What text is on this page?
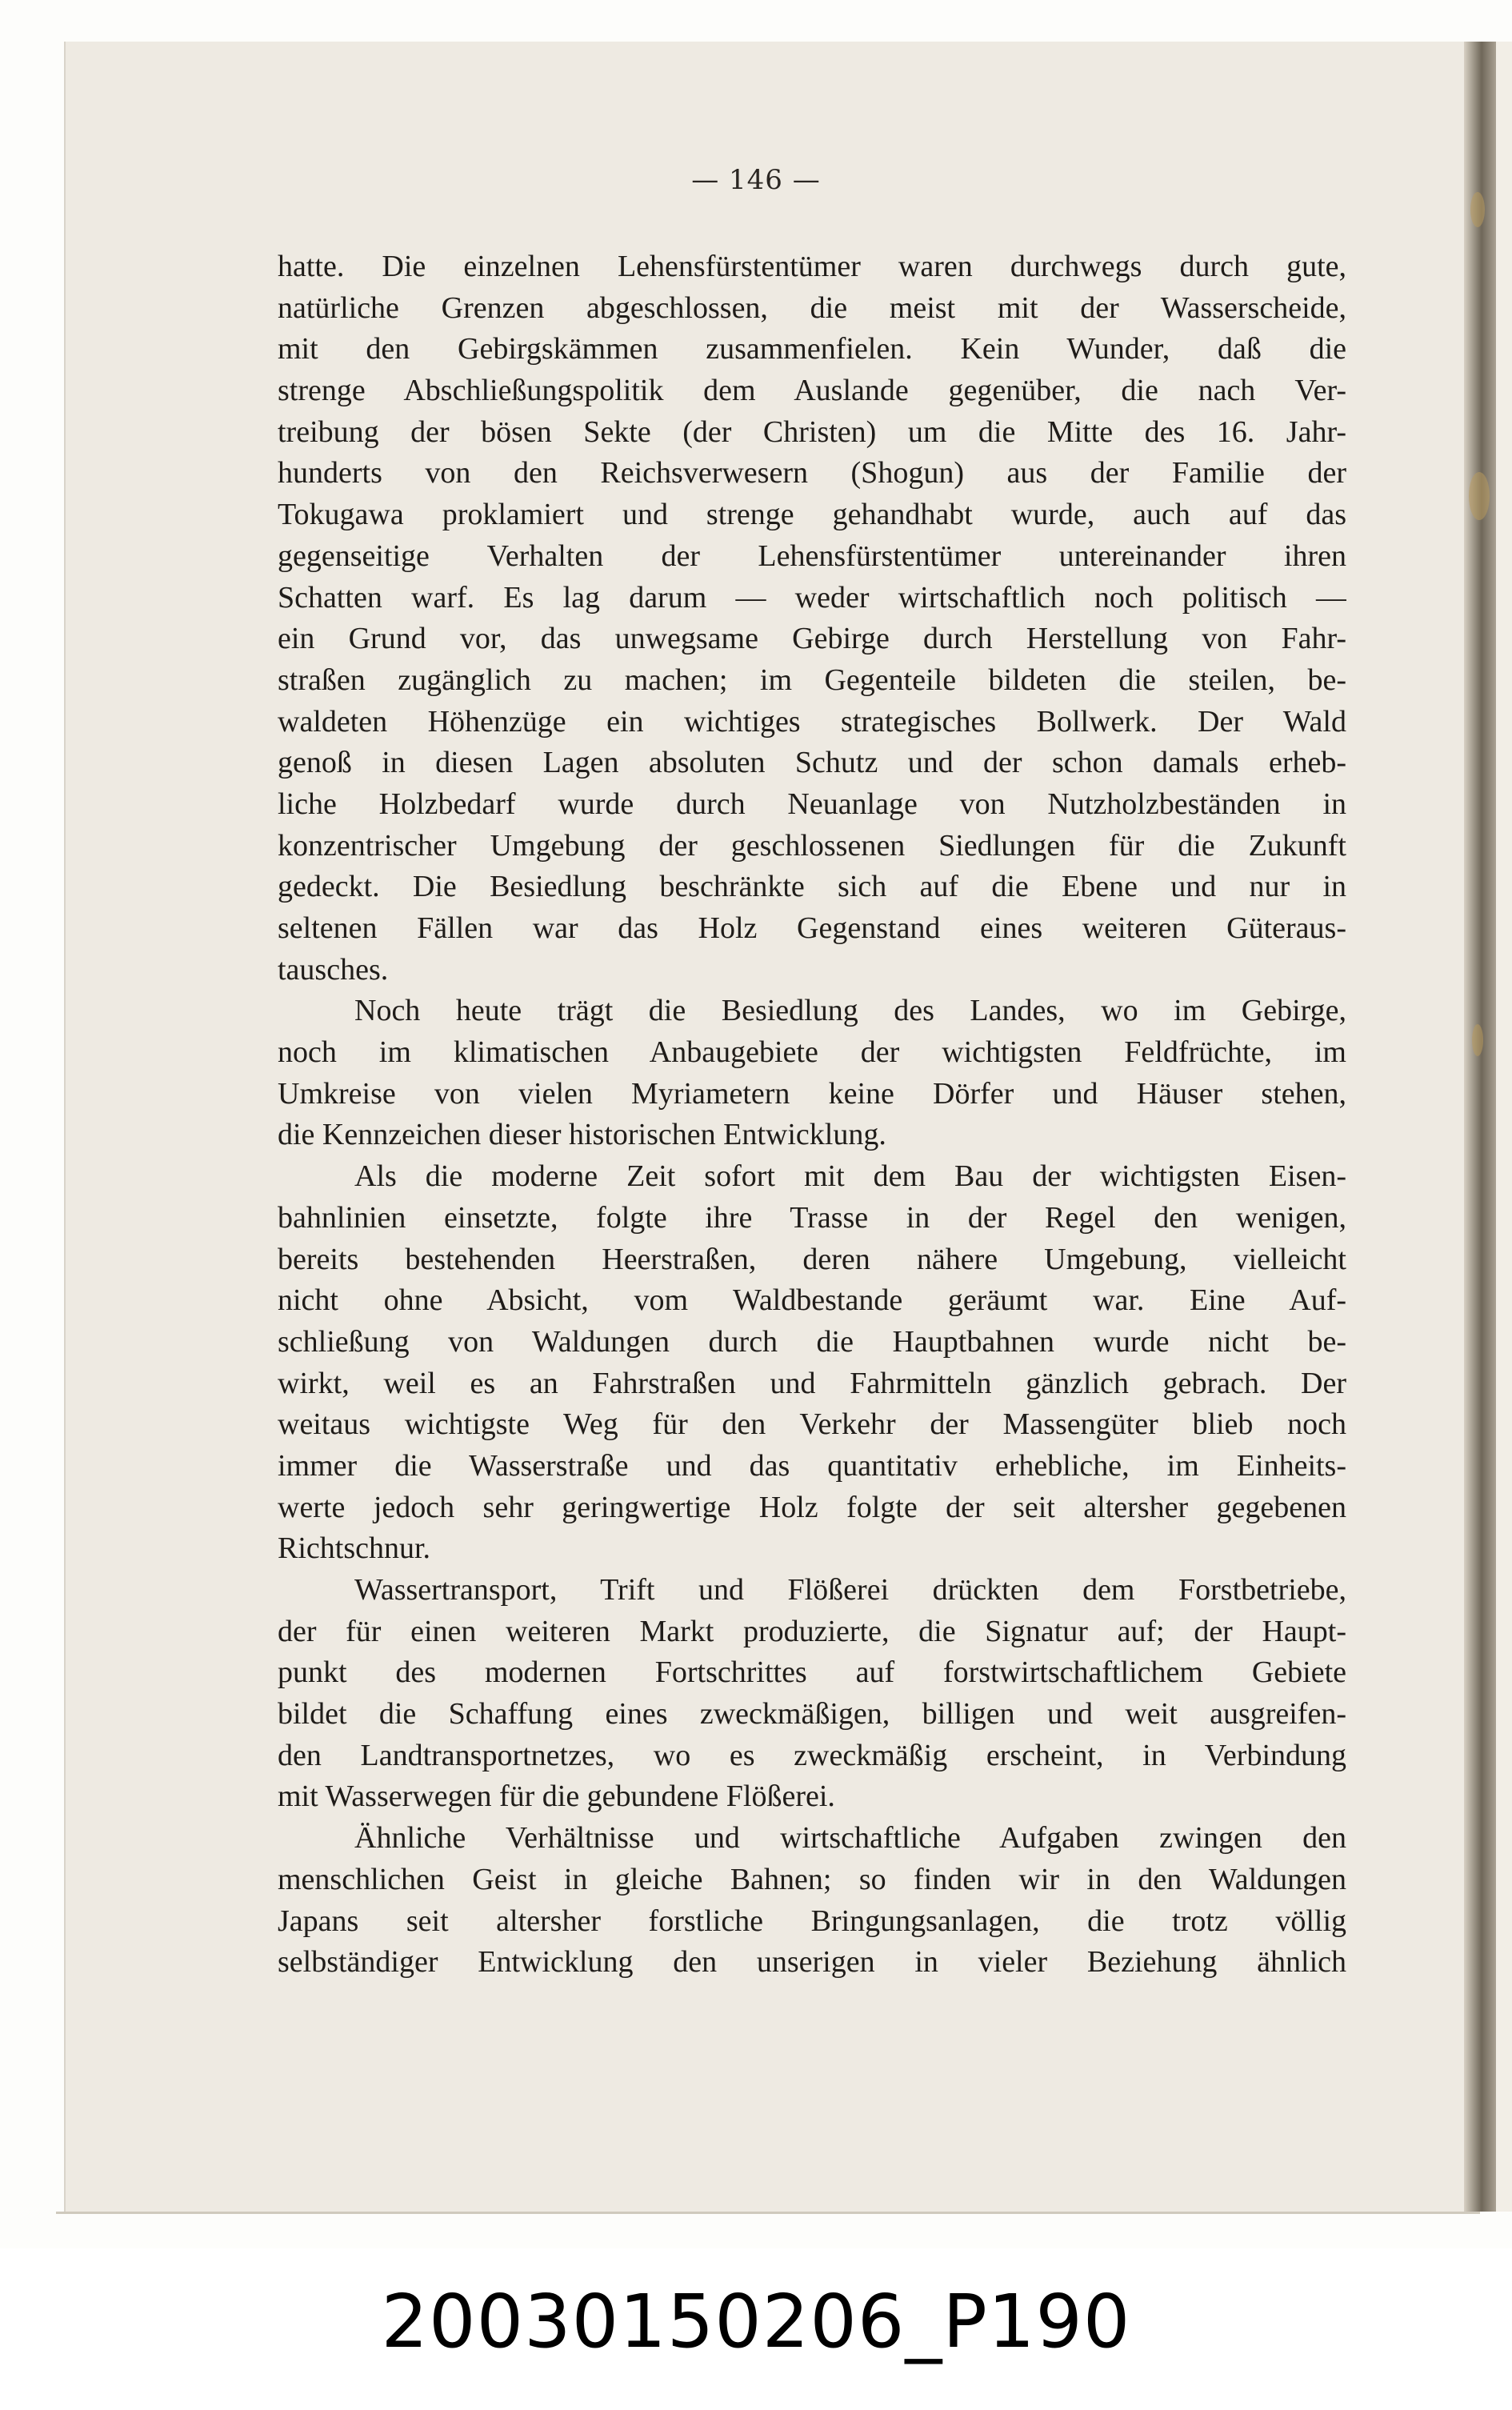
— 146 —
hatte. Die einzelnen Lehensfürstentümer waren durchwegs durch gute,
natürliche Grenzen abgeschlossen, die meist mit der Wasserscheide,
mit den Gebirgskämmen zusammenfielen. Kein Wunder, daß die
strenge Abschließungspolitik dem Auslande gegenüber, die nach Ver-
treibung der bösen Sekte (der Christen) um die Mitte des 16. Jahr-
hunderts von den Reichsverwesern (Shogun) aus der Familie der
Tokugawa proklamiert und strenge gehandhabt wurde, auch auf das
gegenseitige Verhalten der Lehensfürstentümer untereinander ihren
Schatten warf. Es lag darum — weder wirtschaftlich noch politisch —
ein Grund vor, das unwegsame Gebirge durch Herstellung von Fahr-
straßen zugänglich zu machen; im Gegenteile bildeten die steilen, be-
waldeten Höhenzüge ein wichtiges strategisches Bollwerk. Der Wald
genoß in diesen Lagen absoluten Schutz und der schon damals erheb-
liche Holzbedarf wurde durch Neuanlage von Nutzholzbeständen in
konzentrischer Umgebung der geschlossenen Siedlungen für die Zukunft
gedeckt. Die Besiedlung beschränkte sich auf die Ebene und nur in
seltenen Fällen war das Holz Gegenstand eines weiteren Güteraus-
tausches.
Noch heute trägt die Besiedlung des Landes, wo im Gebirge,
noch im klimatischen Anbaugebiete der wichtigsten Feldfrüchte, im
Umkreise von vielen Myriametern keine Dörfer und Häuser stehen,
die Kennzeichen dieser historischen Entwicklung.
Als die moderne Zeit sofort mit dem Bau der wichtigsten Eisen-
bahnlinien einsetzte, folgte ihre Trasse in der Regel den wenigen,
bereits bestehenden Heerstraßen, deren nähere Umgebung, vielleicht
nicht ohne Absicht, vom Waldbestande geräumt war. Eine Auf-
schließung von Waldungen durch die Hauptbahnen wurde nicht be-
wirkt, weil es an Fahrstraßen und Fahrmitteln gänzlich gebrach. Der
weitaus wichtigste Weg für den Verkehr der Massengüter blieb noch
immer die Wasserstraße und das quantitativ erhebliche, im Einheits-
werte jedoch sehr geringwertige Holz folgte der seit altersher gegebenen
Richtschnur.
Wassertransport, Trift und Flößerei drückten dem Forstbetriebe,
der für einen weiteren Markt produzierte, die Signatur auf; der Haupt-
punkt des modernen Fortschrittes auf forstwirtschaftlichem Gebiete
bildet die Schaffung eines zweckmäßigen, billigen und weit ausgreifen-
den Landtransportnetzes, wo es zweckmäßig erscheint, in Verbindung
mit Wasserwegen für die gebundene Flößerei.
Ähnliche Verhältnisse und wirtschaftliche Aufgaben zwingen den
menschlichen Geist in gleiche Bahnen; so finden wir in den Waldungen
Japans seit altersher forstliche Bringungsanlagen, die trotz völlig
selbständiger Entwicklung den unserigen in vieler Beziehung ähnlich
20030150206_P190
